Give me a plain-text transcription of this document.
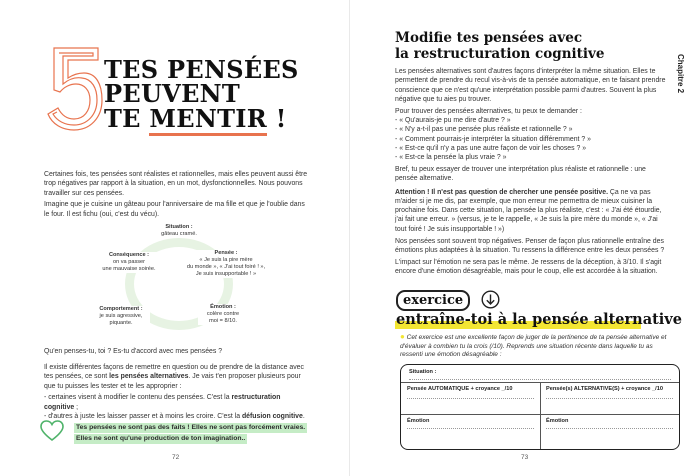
TES PENSÉES
PEUVENT
TE MENTIR !

Certaines fois, tes pensées sont réalistes et rationnelles, mais elles peuvent aussi être trop négatives par rapport à la situation, en un mot, dysfonctionnelles. Nous pouvons travailler sur ces pensées.

Imagine que je cuisine un gâteau pour l'anniversaire de ma fille et que je l'oublie dans le four. Il est fichu (oui, c'est du vécu).

Situation :
gâteau cramé.
Pensée :
« Je suis la pire mère
du monde », « J'ai tout foiré ! »,
Je suis insupportable ! »
Émotion :
colère contre
moi = 8/10.
Comportement :
je suis agressive,
piquante.
Conséquence :
on va passer
une mauvaise soirée.
Qu'en penses-tu, toi ? Es-tu d'accord avec mes pensées ?

Il existe différentes façons de remettre en question ou de prendre de la distance avec tes pensées, ce sont les pensées alternatives. Je vais t'en proposer plusieurs pour que tu puisses les tester et te les approprier :

- certaines visent à modifier le contenu des pensées. C'est la restructuration cognitive ;

- d'autres à juste les laisser passer et à moins les croire. C'est la défusion cognitive.

Tes pensées ne sont pas des faits ! Elles ne sont pas forcément vraies.
Elles ne sont qu'une production de ton imagination..
72
Chapitre 2
Modifie tes pensées avec
la restructuration cognitive

Les pensées alternatives sont d'autres façons d'interpréter la même situation. Elles te permettent de prendre du recul vis-à-vis de ta pensée automatique, en te faisant prendre conscience que ce n'est qu'une interprétation possible parmi d'autres. Souvent la plus négative que tu aies pu trouver.

Pour trouver des pensées alternatives, tu peux te demander :

- « Qu'aurais-je pu me dire d'autre ? »
- « N'y a-t-il pas une pensée plus réaliste et rationnelle ? »
- « Comment pourrais-je interpréter la situation différemment ? »
- « Est-ce qu'il n'y a pas une autre façon de voir les choses ? »

- « Est-ce la pensée la plus vraie ? »

Bref, tu peux essayer de trouver une interprétation plus réaliste et rationnelle : une pensée alternative.

Attention ! Il n'est pas question de chercher une pensée positive. Ça ne va pas m'aider si je me dis, par exemple, que mon erreur me permettra de mieux cuisiner la prochaine fois. Dans cette situation, la pensée la plus réaliste, c'est : « J'ai été étourdie, j'ai fait une erreur. » (versus, je te le rappelle, « Je suis la pire mère du monde », « J'ai tout foiré ! Je suis insupportable ! »)

Nos pensées sont souvent trop négatives. Penser de façon plus rationnelle entraîne des émotions plus adaptées à la situation. Tu ressens la différence entre les deux pensées ?

L'impact sur l'émotion ne sera pas le même. Je ressens de la déception, à 3/10. Il s'agit encore d'une émotion désagréable, mais pour le coup, elle est accordée à la situation.

exercice
entraîne-toi à la pensée alternative
● Cet exercice est une excellente façon de juger de la pertinence de ta pensée alternative et d'évaluer à combien tu la crois (/10). Reprends une situation récente dans laquelle tu as ressenti une émotion désagréable :
Situation :
Pensée AUTOMATIQUE + croyance _/10	Pensée(s) ALTERNATIVE(S) + croyance _/10
Émotion	Émotion
73
